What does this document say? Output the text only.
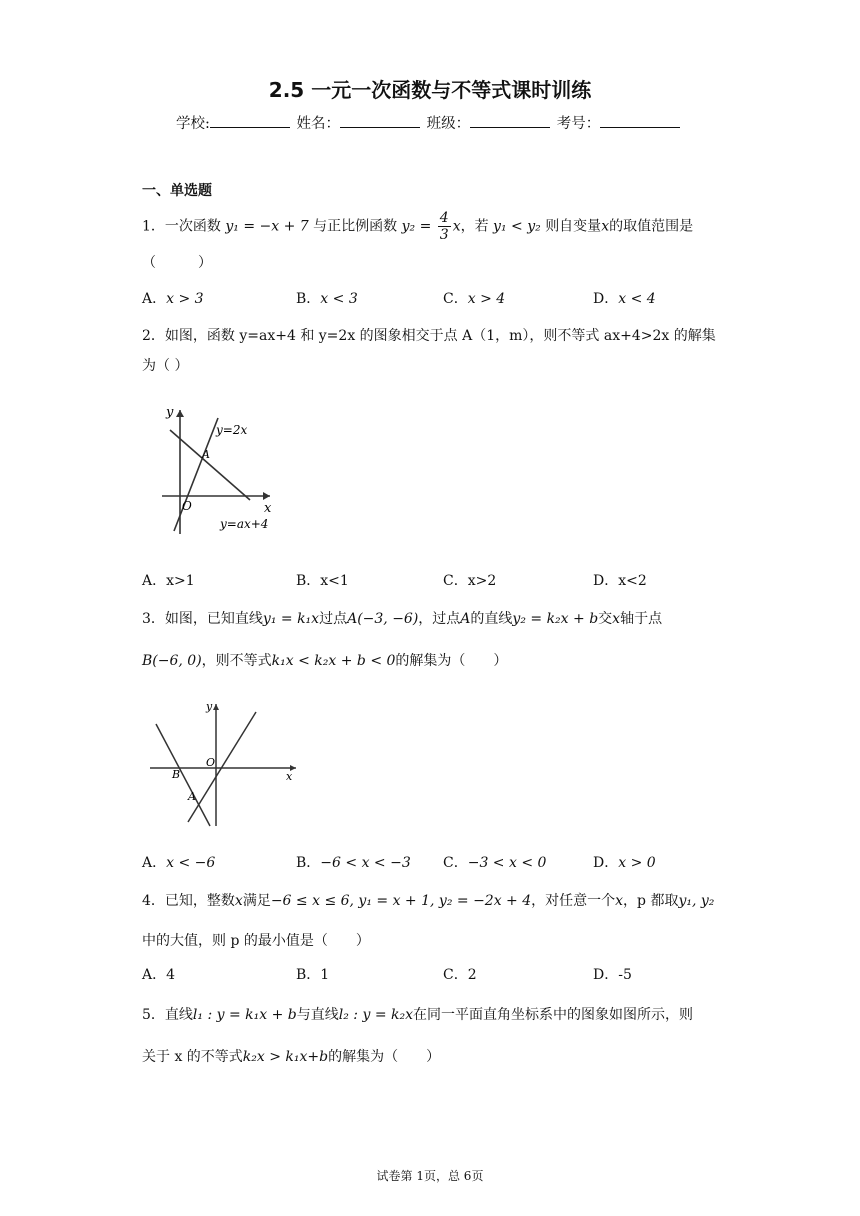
2.5 一元一次函数与不等式课时训练
学校:	姓名：	班级：	考号：
一、单选题
1．一次函数 y₁ = −x + 7 与正比例函数 $y_2 = \frac{4}{3}$ x，若 y₁ < y₂ 则自变量x的取值范围是
（　　　）
A．x > 3	B．x < 3	C．x > 4	D．x < 4
2．如图，函数 y=ax+4 和 y=2x 的图象相交于点 A（1，m），则不等式 ax+4>2x 的解集
为（ ）
y
x
O
A
y=2x
y=ax+4
A．x>1	B．x<1	C．x>2	D．x<2
3．如图，已知直线y₁ = k₁x过点A(−3, −6)，过点A的直线y₂ = k₂x + b交x轴于点
B(−6, 0)，则不等式k₁x < k₂x + b < 0的解集为（　　）
y
x
O
B
A
A．x < −6	B．−6 < x < −3 C．−3 < x < 0	D．x > 0
4．已知，整数x满足−6 ≤ x ≤ 6, y₁ = x + 1, y₂ = −2x + 4，对任意一个x，p 都取y₁, y₂
中的大值，则 p 的最小值是（　　）
A．4	B．1	C．2	D．-5
5．直线l₁ : y = k₁x + b与直线l₂ : y = k₂x在同一平面直角坐标系中的图象如图所示，则
关于 x 的不等式k₂x > k₁x+b的解集为（　　）
试卷第 1页，总 6页
